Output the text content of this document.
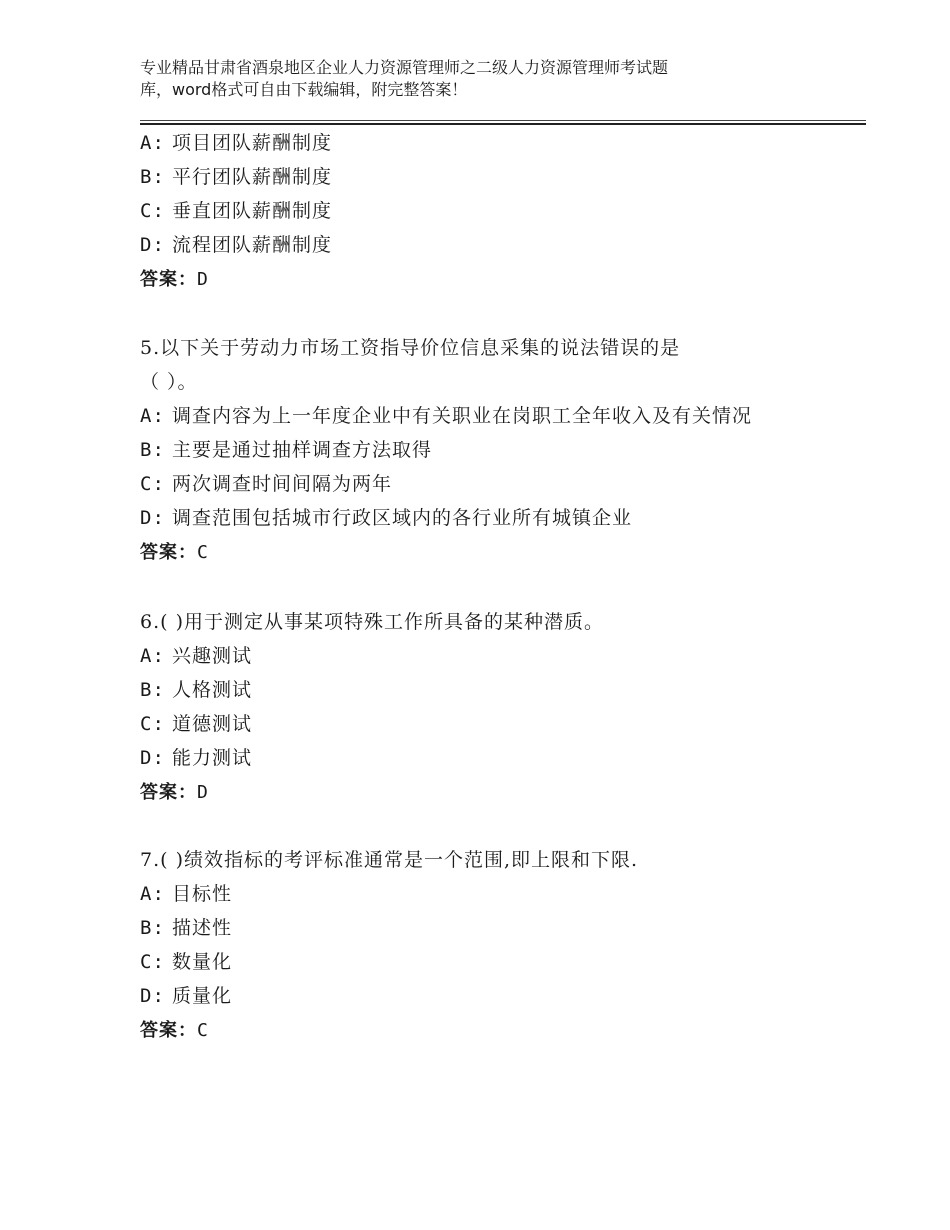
专业精品甘肃省酒泉地区企业人力资源管理师之二级人力资源管理师考试题
库，word格式可自由下载编辑，附完整答案！
A: 项目团队薪酬制度
B: 平行团队薪酬制度
C: 垂直团队薪酬制度
D: 流程团队薪酬制度
答案：D
5.以下关于劳动力市场工资指导价位信息采集的说法错误的是
（ ）。
A: 调查内容为上一年度企业中有关职业在岗职工全年收入及有关情况
B: 主要是通过抽样调查方法取得
C: 两次调查时间间隔为两年
D: 调查范围包括城市行政区域内的各行业所有城镇企业
答案：C
6.( )用于测定从事某项特殊工作所具备的某种潜质。
A: 兴趣测试
B: 人格测试
C: 道德测试
D: 能力测试
答案：D
7.( )绩效指标的考评标准通常是一个范围,即上限和下限.
A: 目标性
B: 描述性
C: 数量化
D: 质量化
答案：C
